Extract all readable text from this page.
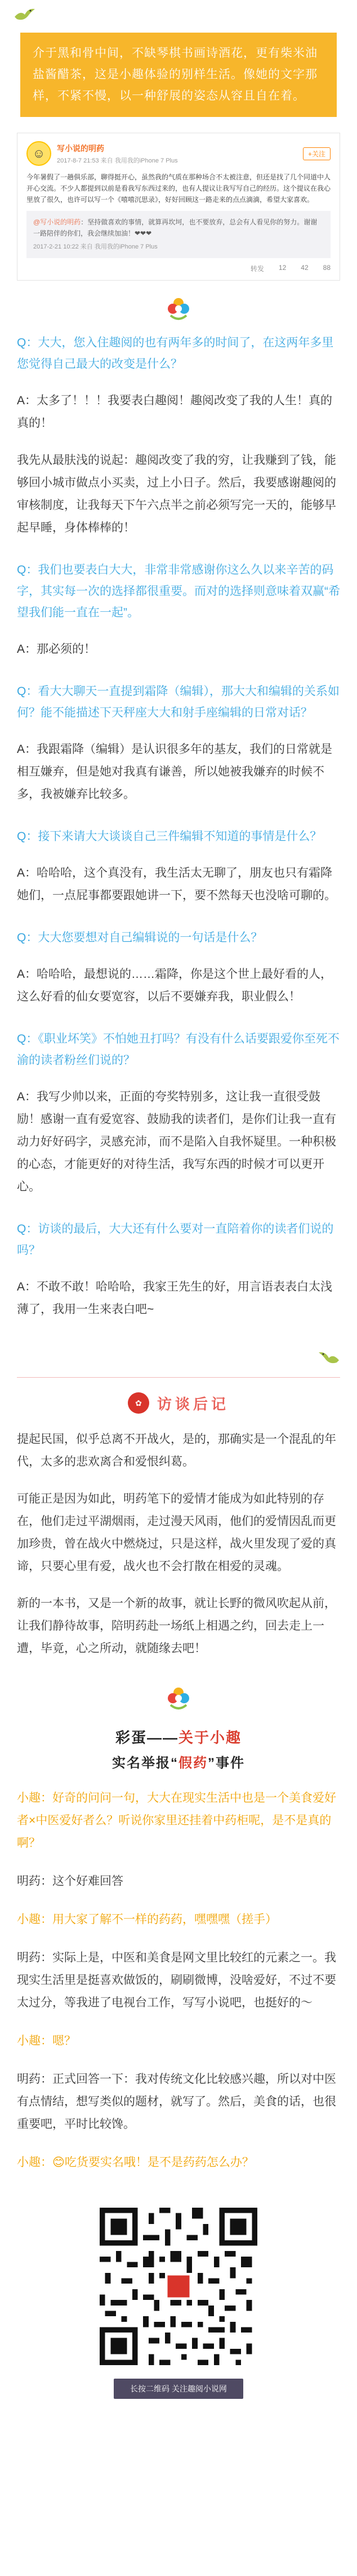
介于黑和骨中间，不缺琴棋书画诗酒花，更有柴米油盐酱醋茶，这是小趣体验的别样生活。像她的文字那样，不紧不慢，以一种舒展的姿态从容且自在着。
☺	写小说的明药
2017-8-7 21:53 来自 我用我的iPhone 7 Plus
+关注
今年暑假了一趟俱乐部，聊得挺开心，虽然我的气质在那种场合不太被注意，但还是找了几个同道中人开心交流。不少人都提到以前是看我写东西过来的，也有人提议让我写写自己的经历。这个提议在我心里放了很久，也许可以写一个《嘻嘻沉思录》，好好回顾这一路走来的点点滴滴，希望大家喜欢。
@写小说的明药：坚持做喜欢的事情，就算再坎坷，也不要放弃，总会有人看见你的努力。谢谢一路陪伴的你们，我会继续加油！❤❤❤
2017-2-21 10:22 来自 我用我的iPhone 7 Plus
转发 12 42 88
Q：大大，您入住趣阅的也有两年多的时间了，在这两年多里您觉得自己最大的改变是什么？
A：太多了！！！我要表白趣阅！趣阅改变了我的人生！真的真的！
我先从最肤浅的说起：趣阅改变了我的穷，让我赚到了钱，能够回小城市做点小买卖，过上小日子。然后，我要感谢趣阅的审核制度，让我每天下午六点半之前必须写完一天的，能够早起早睡，身体棒棒的！
Q：我们也要表白大大，非常非常感谢你这么久以来辛苦的码字，其实每一次的选择都很重要。而对的选择则意味着双赢“希望我们能一直在一起”。
A：那必须的！
Q：看大大聊天一直提到霜降（编辑），那大大和编辑的关系如何？能不能描述下天秤座大大和射手座编辑的日常对话？
A：我跟霜降（编辑）是认识很多年的基友，我们的日常就是相互嫌弃，但是她对我真有谦善，所以她被我嫌弃的时候不多，我被嫌弃比较多。
Q：接下来请大大谈谈自己三件编辑不知道的事情是什么？
A：哈哈哈，这个真没有，我生活太无聊了，朋友也只有霜降她们，一点屁事都要跟她讲一下，要不然每天也没啥可聊的。
Q：大大您要想对自己编辑说的一句话是什么？
A：哈哈哈，最想说的……霜降，你是这个世上最好看的人，这么好看的仙女要宽容，以后不要嫌弃我，职业假么！
Q：《职业坏笑》不怕她丑打吗？有没有什么话要跟爱你至死不渝的读者粉丝们说的？
A：我写少帅以来，正面的夸奖特别多，这让我一直很受鼓励！感谢一直有爱宽容、鼓励我的读者们，是你们让我一直有动力好好码字，灵感充沛，而不是陷入自我怀疑里。一种积极的心态，才能更好的对待生活，我写东西的时候才可以更开心。
Q：访谈的最后，大大还有什么要对一直陪着你的读者们说的吗？
A：不敢不敢！哈哈哈，我家王先生的好，用言语表表白太浅薄了，我用一生来表白吧~
✿	访谈后记

提起民国，似乎总离不开战火，是的，那确实是一个混乱的年代，太多的悲欢离合和爱恨纠葛。

可能正是因为如此，明药笔下的爱情才能成为如此特别的存在，他们走过平湖烟雨，走过漫天风雨，他们的爱情因乱而更加珍贵，曾在战火中燃烧过，只是这样，战火里发现了爱的真谛，只要心里有爱，战火也不会打散在相爱的灵魂。

新的一本书，又是一个新的故事，就让长野的微风吹起从前，让我们静待故事，陪明药赴一场纸上相遇之约，回去走上一遭，毕竟，心之所动，就随缘去吧！

彩蛋——关于小趣
实名举报“假药”事件
小趣：好奇的问问一句，大大在现实生活中也是一个美食爱好者×中医爱好者么？听说你家里还挂着中药柜呢，是不是真的啊？
明药：这个好难回答
小趣：用大家了解不一样的药药，嘿嘿嘿（搓手）
明药：实际上是，中医和美食是网文里比较红的元素之一。我现实生活里是挺喜欢做饭的，刷刷微博，没啥爱好，不过不要太过分，等我进了电视台工作，写写小说吧，也挺好的～
小趣：嗯？
明药：正式回答一下：我对传统文化比较感兴趣，所以对中医有点情结，想写类似的题材，就写了。然后，美食的话，也很重要吧，平时比较馋。
小趣：😊吃货要实名哦！是不是药药怎么办？
长按二维码 关注趣阅小说网
